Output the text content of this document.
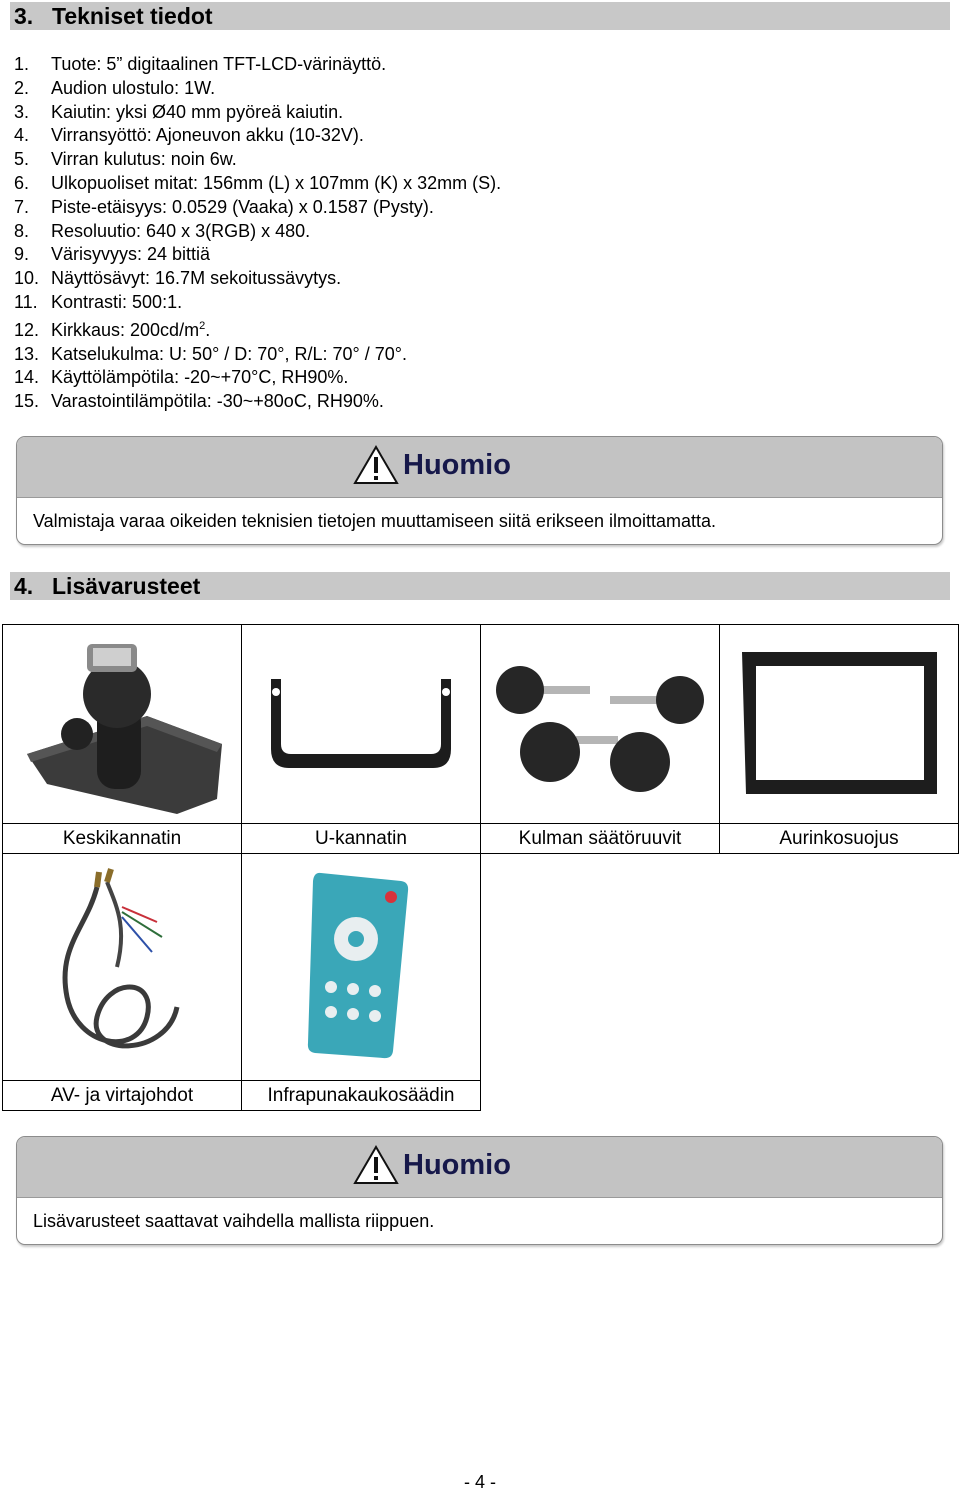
3. Tekniset tiedot
1. Tuote: 5” digitaalinen TFT-LCD-värinäyttö.
2. Audion ulostulo: 1W.
3. Kaiutin: yksi Ø40 mm pyöreä kaiutin.
4. Virransyöttö: Ajoneuvon akku (10-32V).
5. Virran kulutus: noin 6w.
6. Ulkopuoliset mitat: 156mm (L) x 107mm (K) x 32mm (S).
7. Piste-etäisyys: 0.0529 (Vaaka) x 0.1587 (Pysty).
8. Resoluutio: 640 x 3(RGB) x 480.
9. Värisyvyys: 24 bittiä
10. Näyttösävyt: 16.7M sekoitussävytys.
11. Kontrasti: 500:1.
12. Kirkkaus: $200cd/m^2$.
13. Katselukulma: U: 50° / D: 70°, R/L: 70° / 70°.
14. Käyttölämpötila: -20~+70°C, RH90%.
15. Varastointilämpötila: -30~+80oC, RH90%.
Huomio
Valmistaja varaa oikeiden teknisien tietojen muuttamiseen siitä erikseen ilmoittamatta.
4. Lisävarusteet

Keskikannatin	U-kannatin	Kulman säätöruuvit	Aurinkosuojus

AV- ja virtajohdot	Infrapunakaukosäädin		
Huomio
Lisävarusteet saattavat vaihdella mallista riippuen.
- 4 -
